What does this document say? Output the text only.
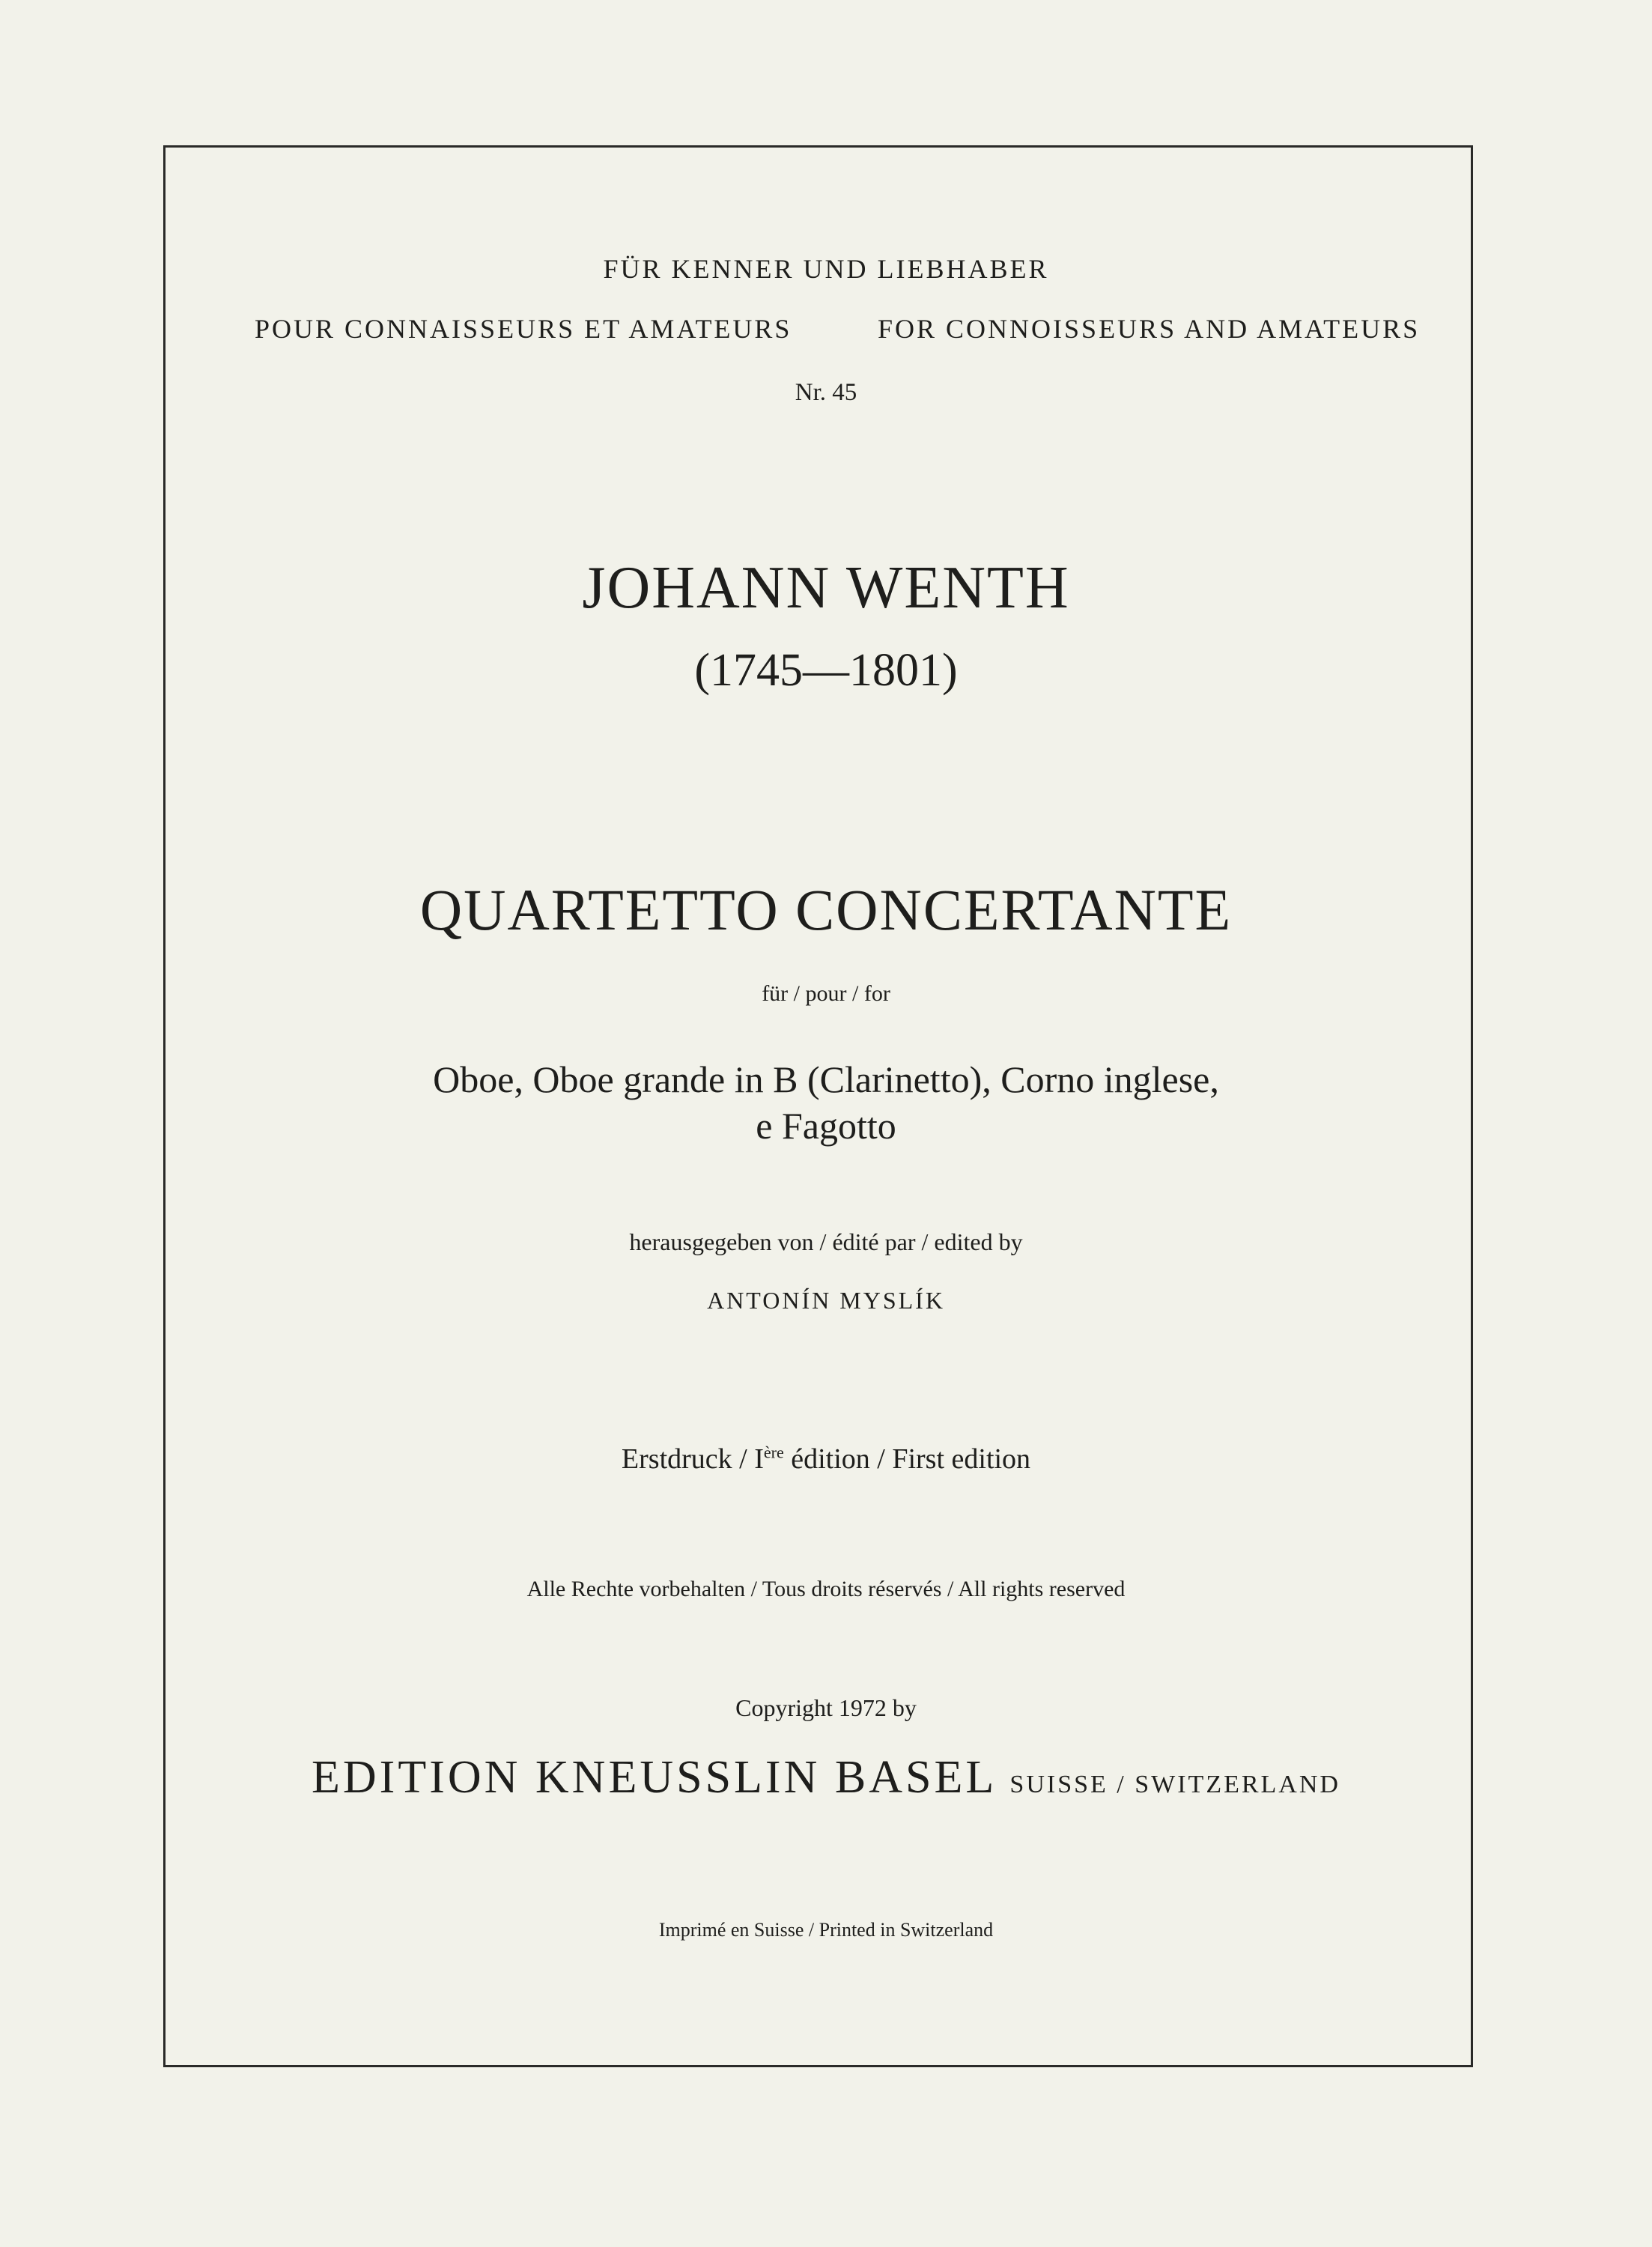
FÜR KENNER UND LIEBHABER
POUR CONNAISSEURS ET AMATEURS	FOR CONNOISSEURS AND AMATEURS
Nr. 45
JOHANN WENTH
(1745—1801)
QUARTETTO CONCERTANTE
für / pour / for
Oboe, Oboe grande in B (Clarinetto), Corno inglese,
e Fagotto
herausgegeben von / édité par / edited by
ANTONÍN MYSLÍK
Erstdruck / Ière édition / First edition
Alle Rechte vorbehalten / Tous droits réservés / All rights reserved
Copyright 1972 by
EDITION KNEUSSLIN BASEL SUISSE / SWITZERLAND
Imprimé en Suisse / Printed in Switzerland
